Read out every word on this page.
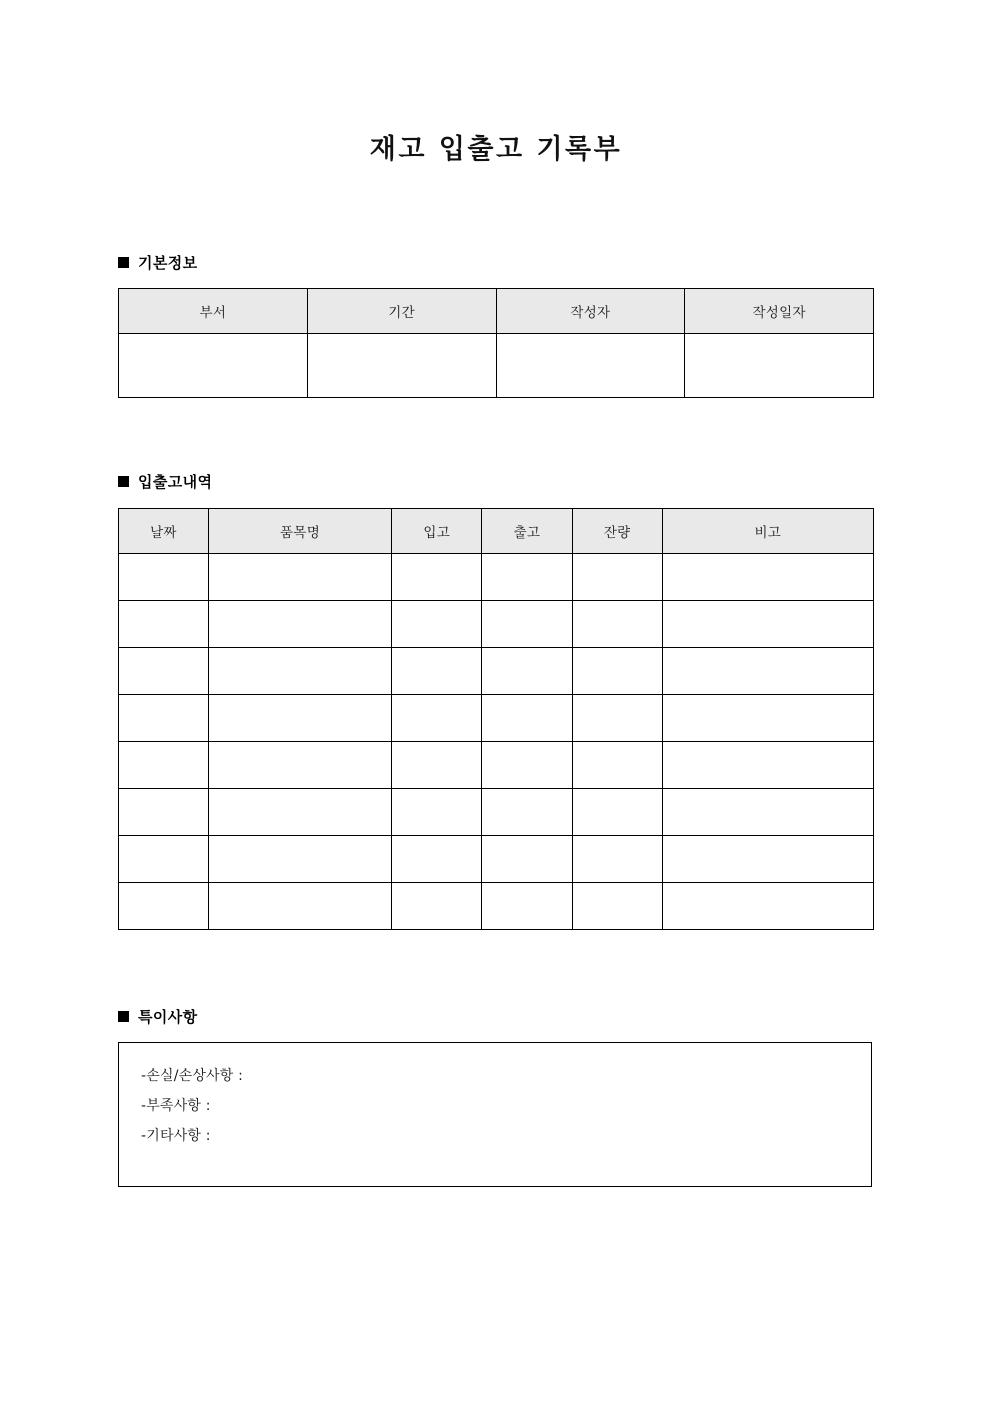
재고 입출고 기록부
기본정보
부서	기간	작성자	작성일자

입출고내역
날짜	품목명	입고	출고	잔량	비고

특이사항
-손실/손상사항 :
-부족사항 :
-기타사항 :
